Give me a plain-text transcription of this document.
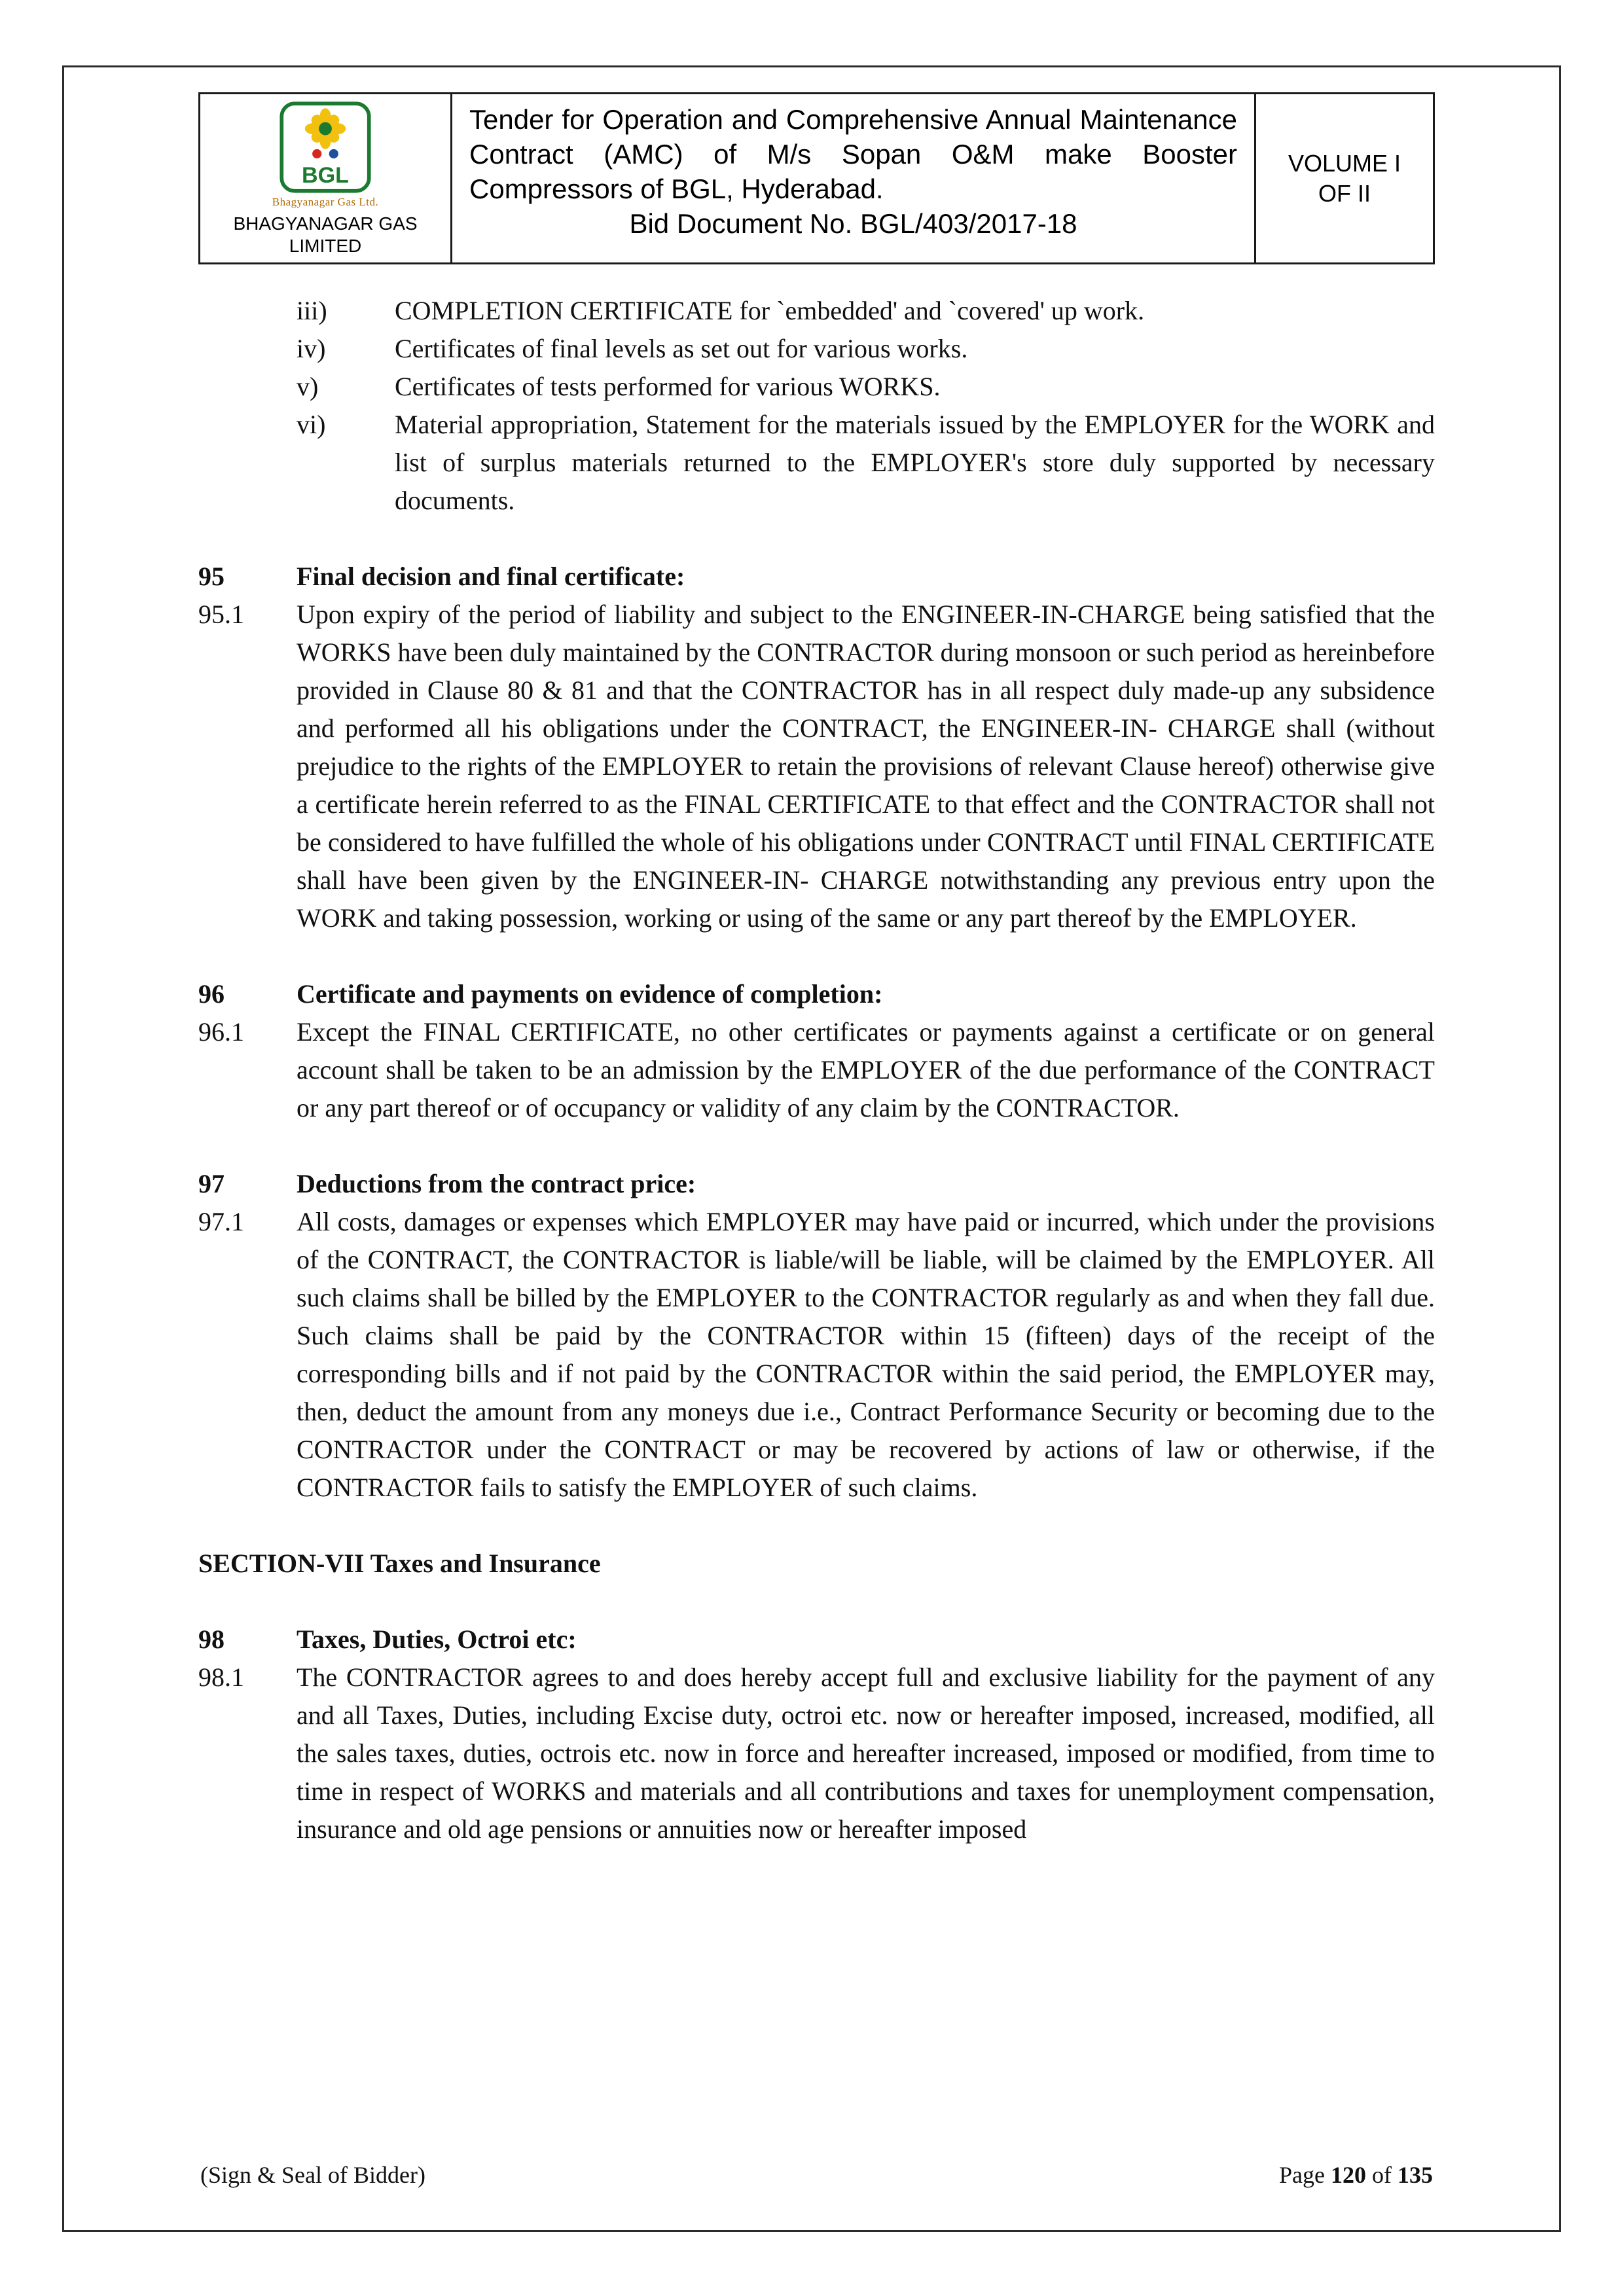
BGL
Bhagyanagar Gas Ltd.
BHAGYANAGAR GAS LIMITED
Tender for Operation and Comprehensive Annual Maintenance Contract (AMC) of M/s Sopan O&M make Booster Compressors of BGL, Hyderabad.
Bid Document No. BGL/403/2017-18
VOLUME I
OF II
iii)	COMPLETION CERTIFICATE for `embedded' and `covered' up work.
iv)	Certificates of final levels as set out for various works.
v)	Certificates of tests performed for various WORKS.
vi)	Material appropriation, Statement for the materials issued by the EMPLOYER for the WORK and list of surplus materials returned to the EMPLOYER's store duly supported by necessary documents.
95	Final decision and final certificate:
95.1	Upon expiry of the period of liability and subject to the ENGINEER-IN-CHARGE being satisfied that the WORKS have been duly maintained by the CONTRACTOR during monsoon or such period as hereinbefore provided in Clause 80 & 81 and that the CONTRACTOR has in all respect duly made-up any subsidence and performed all his obligations under the CONTRACT, the ENGINEER-IN- CHARGE shall (without prejudice to the rights of the EMPLOYER to retain the provisions of relevant Clause hereof) otherwise give a certificate herein referred to as the FINAL CERTIFICATE to that effect and the CONTRACTOR shall not be considered to have fulfilled the whole of his obligations under CONTRACT until FINAL CERTIFICATE shall have been given by the ENGINEER-IN- CHARGE notwithstanding any previous entry upon the WORK and taking possession, working or using of the same or any part thereof by the EMPLOYER.
96	Certificate and payments on evidence of completion:
96.1	Except the FINAL CERTIFICATE, no other certificates or payments against a certificate or on general account shall be taken to be an admission by the EMPLOYER of the due performance of the CONTRACT or any part thereof or of occupancy or validity of any claim by the CONTRACTOR.
97	Deductions from the contract price:
97.1	All costs, damages or expenses which EMPLOYER may have paid or incurred, which under the provisions of the CONTRACT, the CONTRACTOR is liable/will be liable, will be claimed by the EMPLOYER. All such claims shall be billed by the EMPLOYER to the CONTRACTOR regularly as and when they fall due. Such claims shall be paid by the CONTRACTOR within 15 (fifteen) days of the receipt of the corresponding bills and if not paid by the CONTRACTOR within the said period, the EMPLOYER may, then, deduct the amount from any moneys due i.e., Contract Performance Security or becoming due to the CONTRACTOR under the CONTRACT or may be recovered by actions of law or otherwise, if the CONTRACTOR fails to satisfy the EMPLOYER of such claims.
SECTION-VII Taxes and Insurance
98	Taxes, Duties, Octroi etc:
98.1	The CONTRACTOR agrees to and does hereby accept full and exclusive liability for the payment of any and all Taxes, Duties, including Excise duty, octroi etc. now or hereafter imposed, increased, modified, all the sales taxes, duties, octrois etc. now in force and hereafter increased, imposed or modified, from time to time in respect of WORKS and materials and all contributions and taxes for unemployment compensation, insurance and old age pensions or annuities now or hereafter imposed
(Sign & Seal of Bidder)	Page 120 of 135
